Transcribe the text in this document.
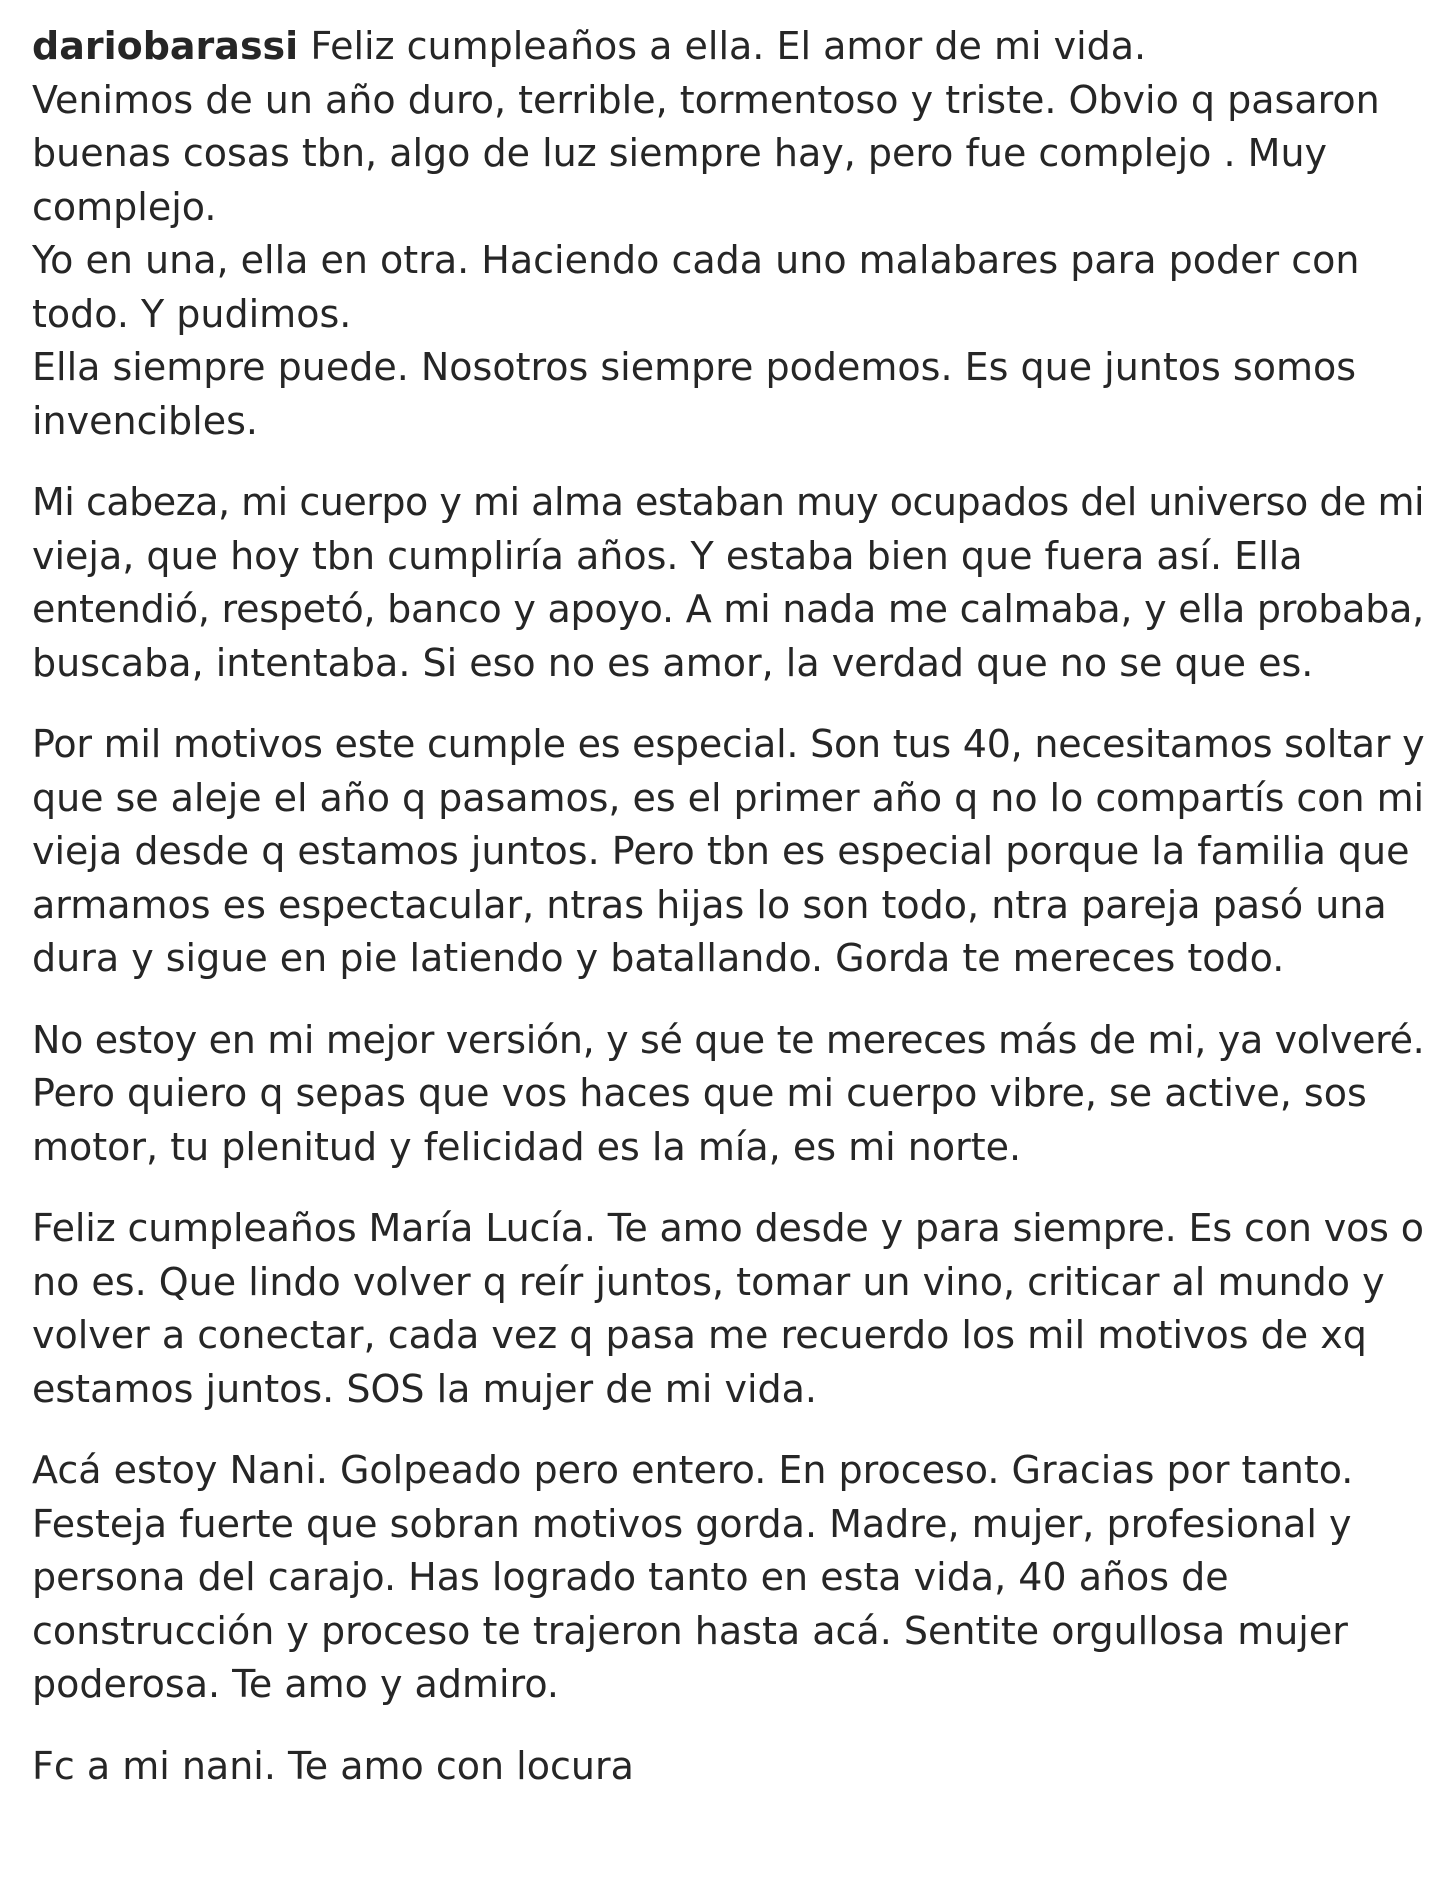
dariobarassi Feliz cumpleaños a ella. El amor de mi vida.
Venimos de un año duro, terrible, tormentoso y triste. Obvio q pasaron
buenas cosas tbn, algo de luz siempre hay, pero fue complejo . Muy
complejo.
Yo en una, ella en otra. Haciendo cada uno malabares para poder con
todo. Y pudimos.
Ella siempre puede. Nosotros siempre podemos. Es que juntos somos
invencibles.
Mi cabeza, mi cuerpo y mi alma estaban muy ocupados del universo de mi
vieja, que hoy tbn cumpliría años. Y estaba bien que fuera así. Ella
entendió, respetó, banco y apoyo. A mi nada me calmaba, y ella probaba,
buscaba, intentaba. Si eso no es amor, la verdad que no se que es.
Por mil motivos este cumple es especial. Son tus 40, necesitamos soltar y
que se aleje el año q pasamos, es el primer año q no lo compartís con mi
vieja desde q estamos juntos. Pero tbn es especial porque la familia que
armamos es espectacular, ntras hijas lo son todo, ntra pareja pasó una
dura y sigue en pie latiendo y batallando. Gorda te mereces todo.
No estoy en mi mejor versión, y sé que te mereces más de mi, ya volveré.
Pero quiero q sepas que vos haces que mi cuerpo vibre, se active, sos
motor, tu plenitud y felicidad es la mía, es mi norte.
Feliz cumpleaños María Lucía. Te amo desde y para siempre. Es con vos o
no es. Que lindo volver q reír juntos, tomar un vino, criticar al mundo y
volver a conectar, cada vez q pasa me recuerdo los mil motivos de xq
estamos juntos. SOS la mujer de mi vida.
Acá estoy Nani. Golpeado pero entero. En proceso. Gracias por tanto.
Festeja fuerte que sobran motivos gorda. Madre, mujer, profesional y
persona del carajo. Has logrado tanto en esta vida, 40 años de
construcción y proceso te trajeron hasta acá. Sentite orgullosa mujer
poderosa. Te amo y admiro.
Fc a mi nani. Te amo con locura
